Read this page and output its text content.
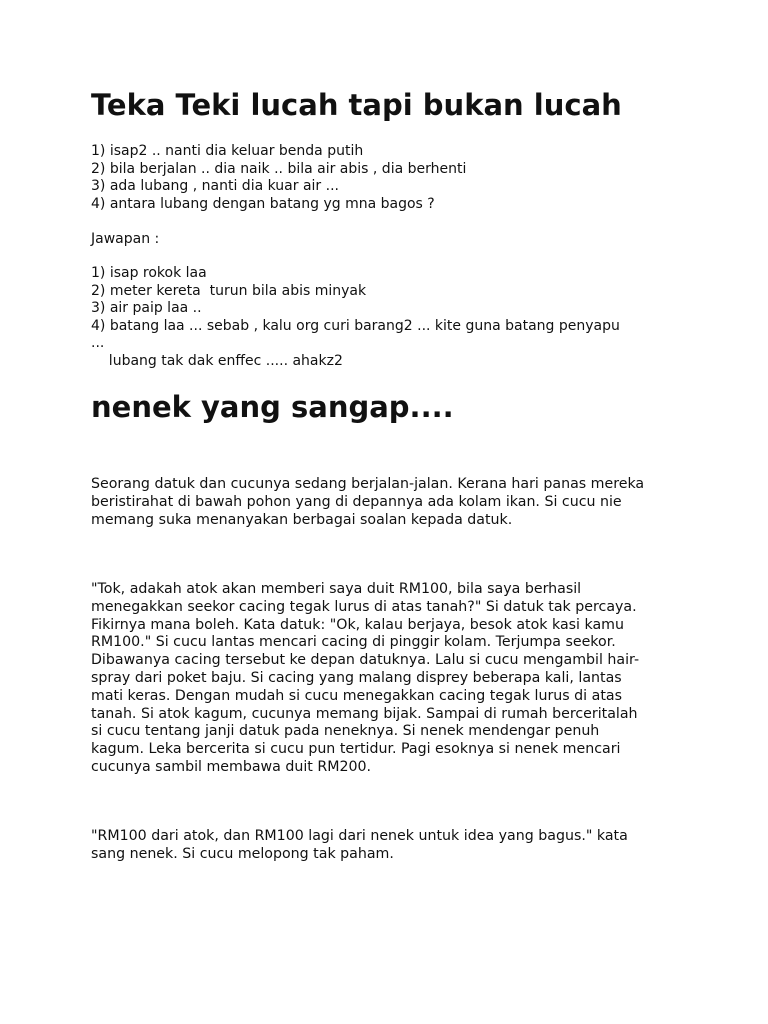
Teka Teki lucah tapi bukan lucah
1) isap2 .. nanti dia keluar benda putih
2) bila berjalan .. dia naik .. bila air abis , dia berhenti
3) ada lubang , nanti dia kuar air ...
4) antara lubang dengan batang yg mna bagos ?
Jawapan :
1) isap rokok laa
2) meter kereta  turun bila abis minyak
3) air paip laa ..
4) batang laa ... sebab , kalu org curi barang2 ... kite guna batang penyapu
...
lubang tak dak enffec ..... ahakz2
nenek yang sangap....
Seorang datuk dan cucunya sedang berjalan-jalan. Kerana hari panas mereka
beristirahat di bawah pohon yang di depannya ada kolam ikan. Si cucu nie
memang suka menanyakan berbagai soalan kepada datuk.
"Tok, adakah atok akan memberi saya duit RM100, bila saya berhasil
menegakkan seekor cacing tegak lurus di atas tanah?" Si datuk tak percaya.
Fikirnya mana boleh. Kata datuk: "Ok, kalau berjaya, besok atok kasi kamu
RM100." Si cucu lantas mencari cacing di pinggir kolam. Terjumpa seekor.
Dibawanya cacing tersebut ke depan datuknya. Lalu si cucu mengambil hair-
spray dari poket baju. Si cacing yang malang disprey beberapa kali, lantas
mati keras. Dengan mudah si cucu menegakkan cacing tegak lurus di atas
tanah. Si atok kagum, cucunya memang bijak. Sampai di rumah berceritalah
si cucu tentang janji datuk pada neneknya. Si nenek mendengar penuh
kagum. Leka bercerita si cucu pun tertidur. Pagi esoknya si nenek mencari
cucunya sambil membawa duit RM200.
"RM100 dari atok, dan RM100 lagi dari nenek untuk idea yang bagus." kata
sang nenek. Si cucu melopong tak paham.
